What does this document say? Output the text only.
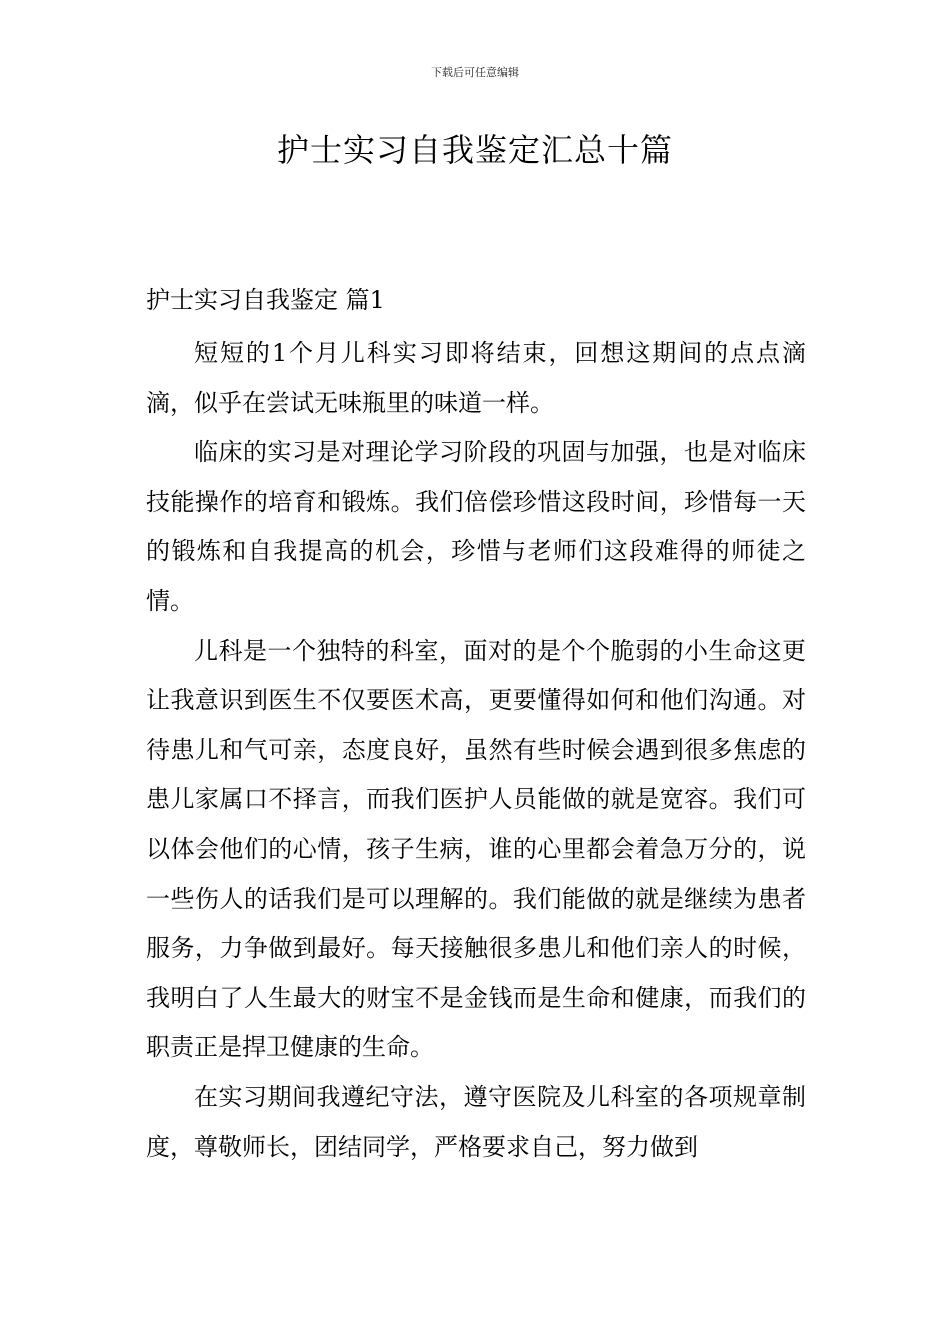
下载后可任意编辑
护士实习自我鉴定汇总十篇
护士实习自我鉴定 篇1

短短的1个月儿科实习即将结束，回想这期间的点点滴滴，似乎在尝试无味瓶里的味道一样。

临床的实习是对理论学习阶段的巩固与加强，也是对临床技能操作的培育和锻炼。我们倍偿珍惜这段时间，珍惜每一天的锻炼和自我提高的机会，珍惜与老师们这段难得的师徒之情。

儿科是一个独特的科室，面对的是个个脆弱的小生命这更让我意识到医生不仅要医术高，更要懂得如何和他们沟通。对待患儿和气可亲，态度良好，虽然有些时候会遇到很多焦虑的患儿家属口不择言，而我们医护人员能做的就是宽容。我们可以体会他们的心情，孩子生病，谁的心里都会着急万分的，说一些伤人的话我们是可以理解的。我们能做的就是继续为患者服务，力争做到最好。每天接触很多患儿和他们亲人的时候，我明白了人生最大的财宝不是金钱而是生命和健康，而我们的职责正是捍卫健康的生命。

在实习期间我遵纪守法，遵守医院及儿科室的各项规章制度，尊敬师长，团结同学，严格要求自己，努力做到
